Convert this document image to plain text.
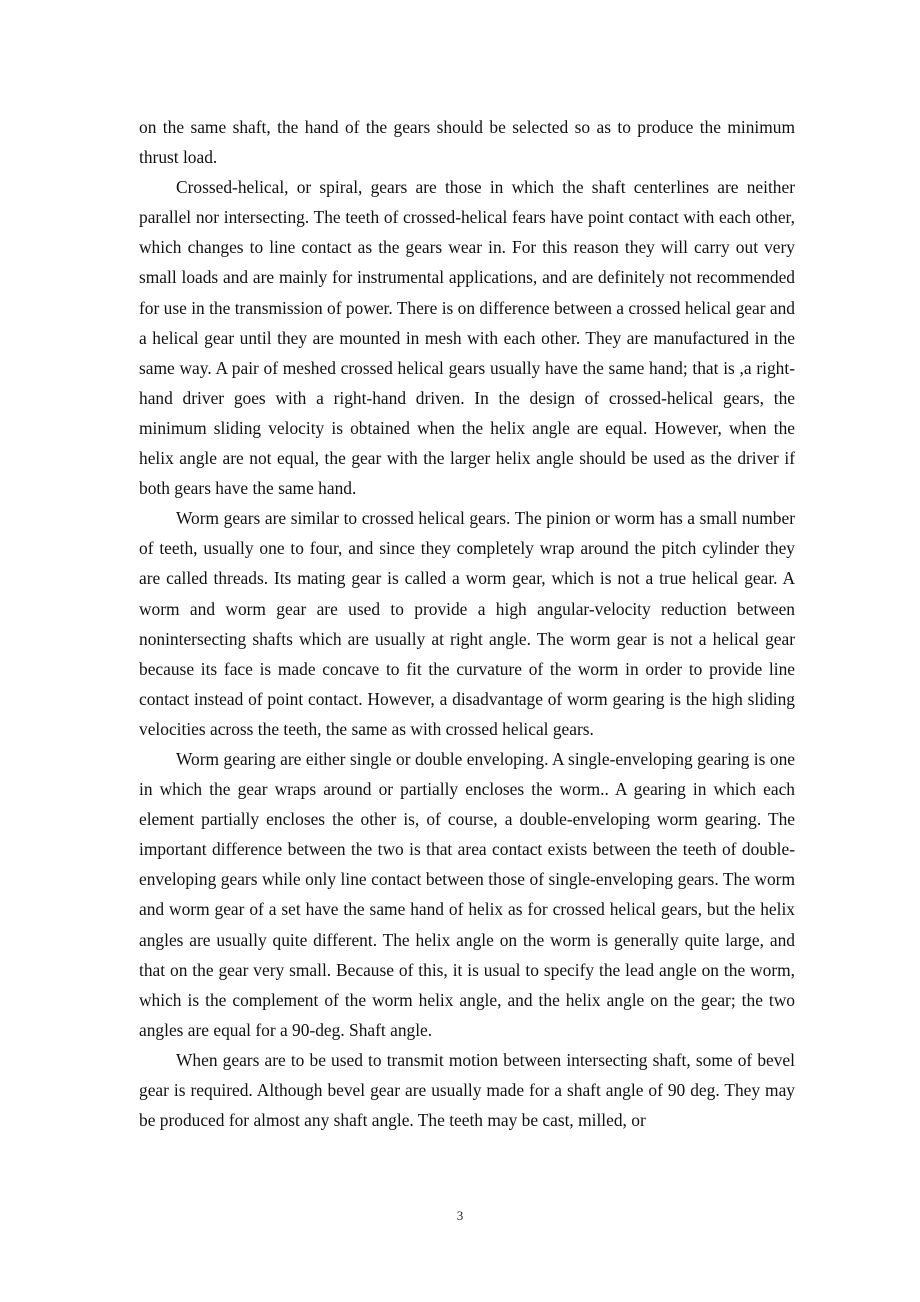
on the same shaft, the hand of the gears should be selected so as to produce the minimum thrust load.

Crossed-helical, or spiral, gears are those in which the shaft centerlines are neither parallel nor intersecting. The teeth of crossed-helical fears have point contact with each other, which changes to line contact as the gears wear in. For this reason they will carry out very small loads and are mainly for instrumental applications, and are definitely not recommended for use in the transmission of power. There is on difference between a crossed helical gear and a helical gear until they are mounted in mesh with each other. They are manufactured in the same way. A pair of meshed crossed helical gears usually have the same hand; that is ,a right-hand driver goes with a right-hand driven. In the design of crossed-helical gears, the minimum sliding velocity is obtained when the helix angle are equal. However, when the helix angle are not equal, the gear with the larger helix angle should be used as the driver if both gears have the same hand.

Worm gears are similar to crossed helical gears. The pinion or worm has a small number of teeth, usually one to four, and since they completely wrap around the pitch cylinder they are called threads. Its mating gear is called a worm gear, which is not a true helical gear. A worm and worm gear are used to provide a high angular-velocity reduction between nonintersecting shafts which are usually at right angle. The worm gear is not a helical gear because its face is made concave to fit the curvature of the worm in order to provide line contact instead of point contact. However, a disadvantage of worm gearing is the high sliding velocities across the teeth, the same as with crossed helical gears.

Worm gearing are either single or double enveloping. A single-enveloping gearing is one in which the gear wraps around or partially encloses the worm.. A gearing in which each element partially encloses the other is, of course, a double-enveloping worm gearing. The important difference between the two is that area contact exists between the teeth of double-enveloping gears while only line contact between those of single-enveloping gears. The worm and worm gear of a set have the same hand of helix as for crossed helical gears, but the helix angles are usually quite different. The helix angle on the worm is generally quite large, and that on the gear very small. Because of this, it is usual to specify the lead angle on the worm, which is the complement of the worm helix angle, and the helix angle on the gear; the two angles are equal for a 90-deg. Shaft angle.

When gears are to be used to transmit motion between intersecting shaft, some of bevel gear is required. Although bevel gear are usually made for a shaft angle of 90 deg. They may be produced for almost any shaft angle. The teeth may be cast, milled, or

3
